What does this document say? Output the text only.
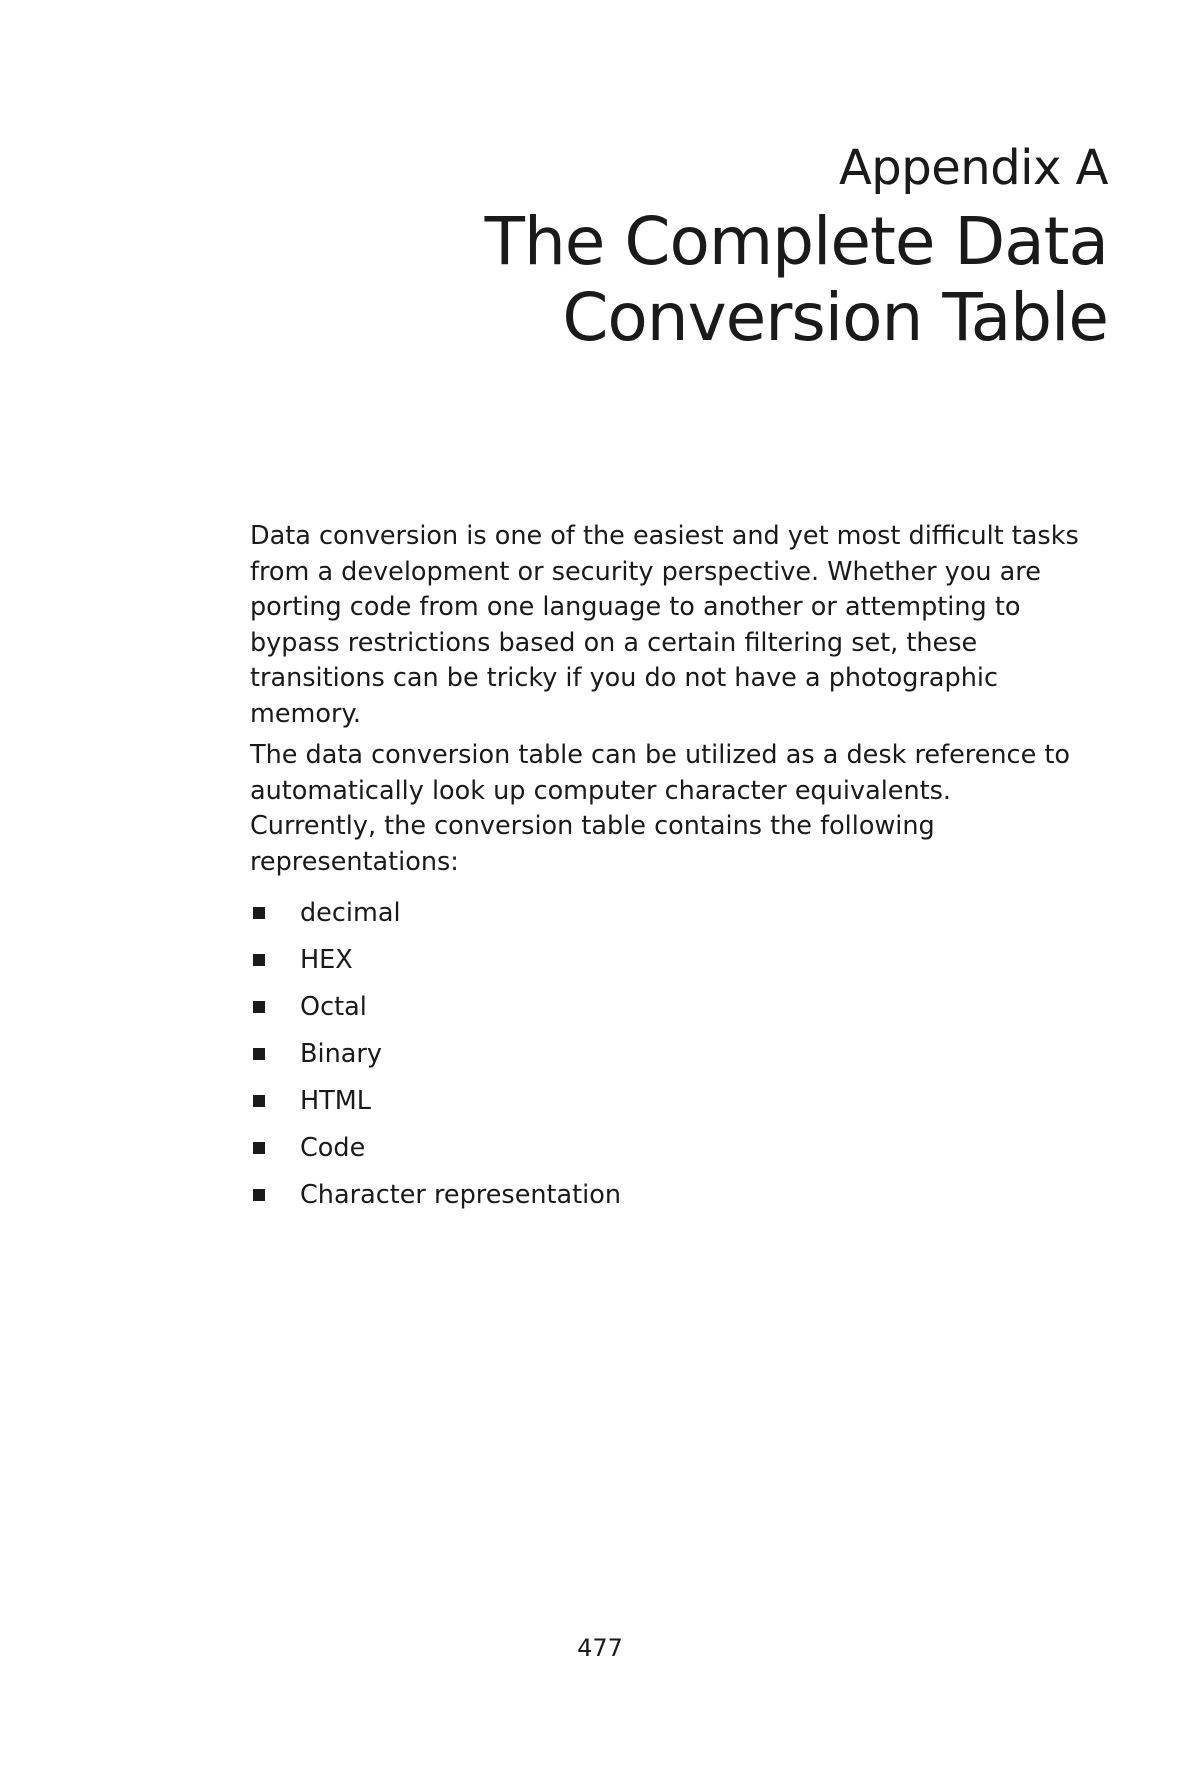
Appendix A
The Complete Data
Conversion Table

Data conversion is one of the easiest and yet most difficult tasks from a development or security perspective. Whether you are porting code from one language to another or attempting to bypass restrictions based on a certain filtering set, these transitions can be tricky if you do not have a photographic memory.

The data conversion table can be utilized as a desk reference to automatically look up computer character equivalents. Currently, the conversion table contains the following representations:

decimal
HEX
Octal
Binary
HTML
Code
Character representation
477
